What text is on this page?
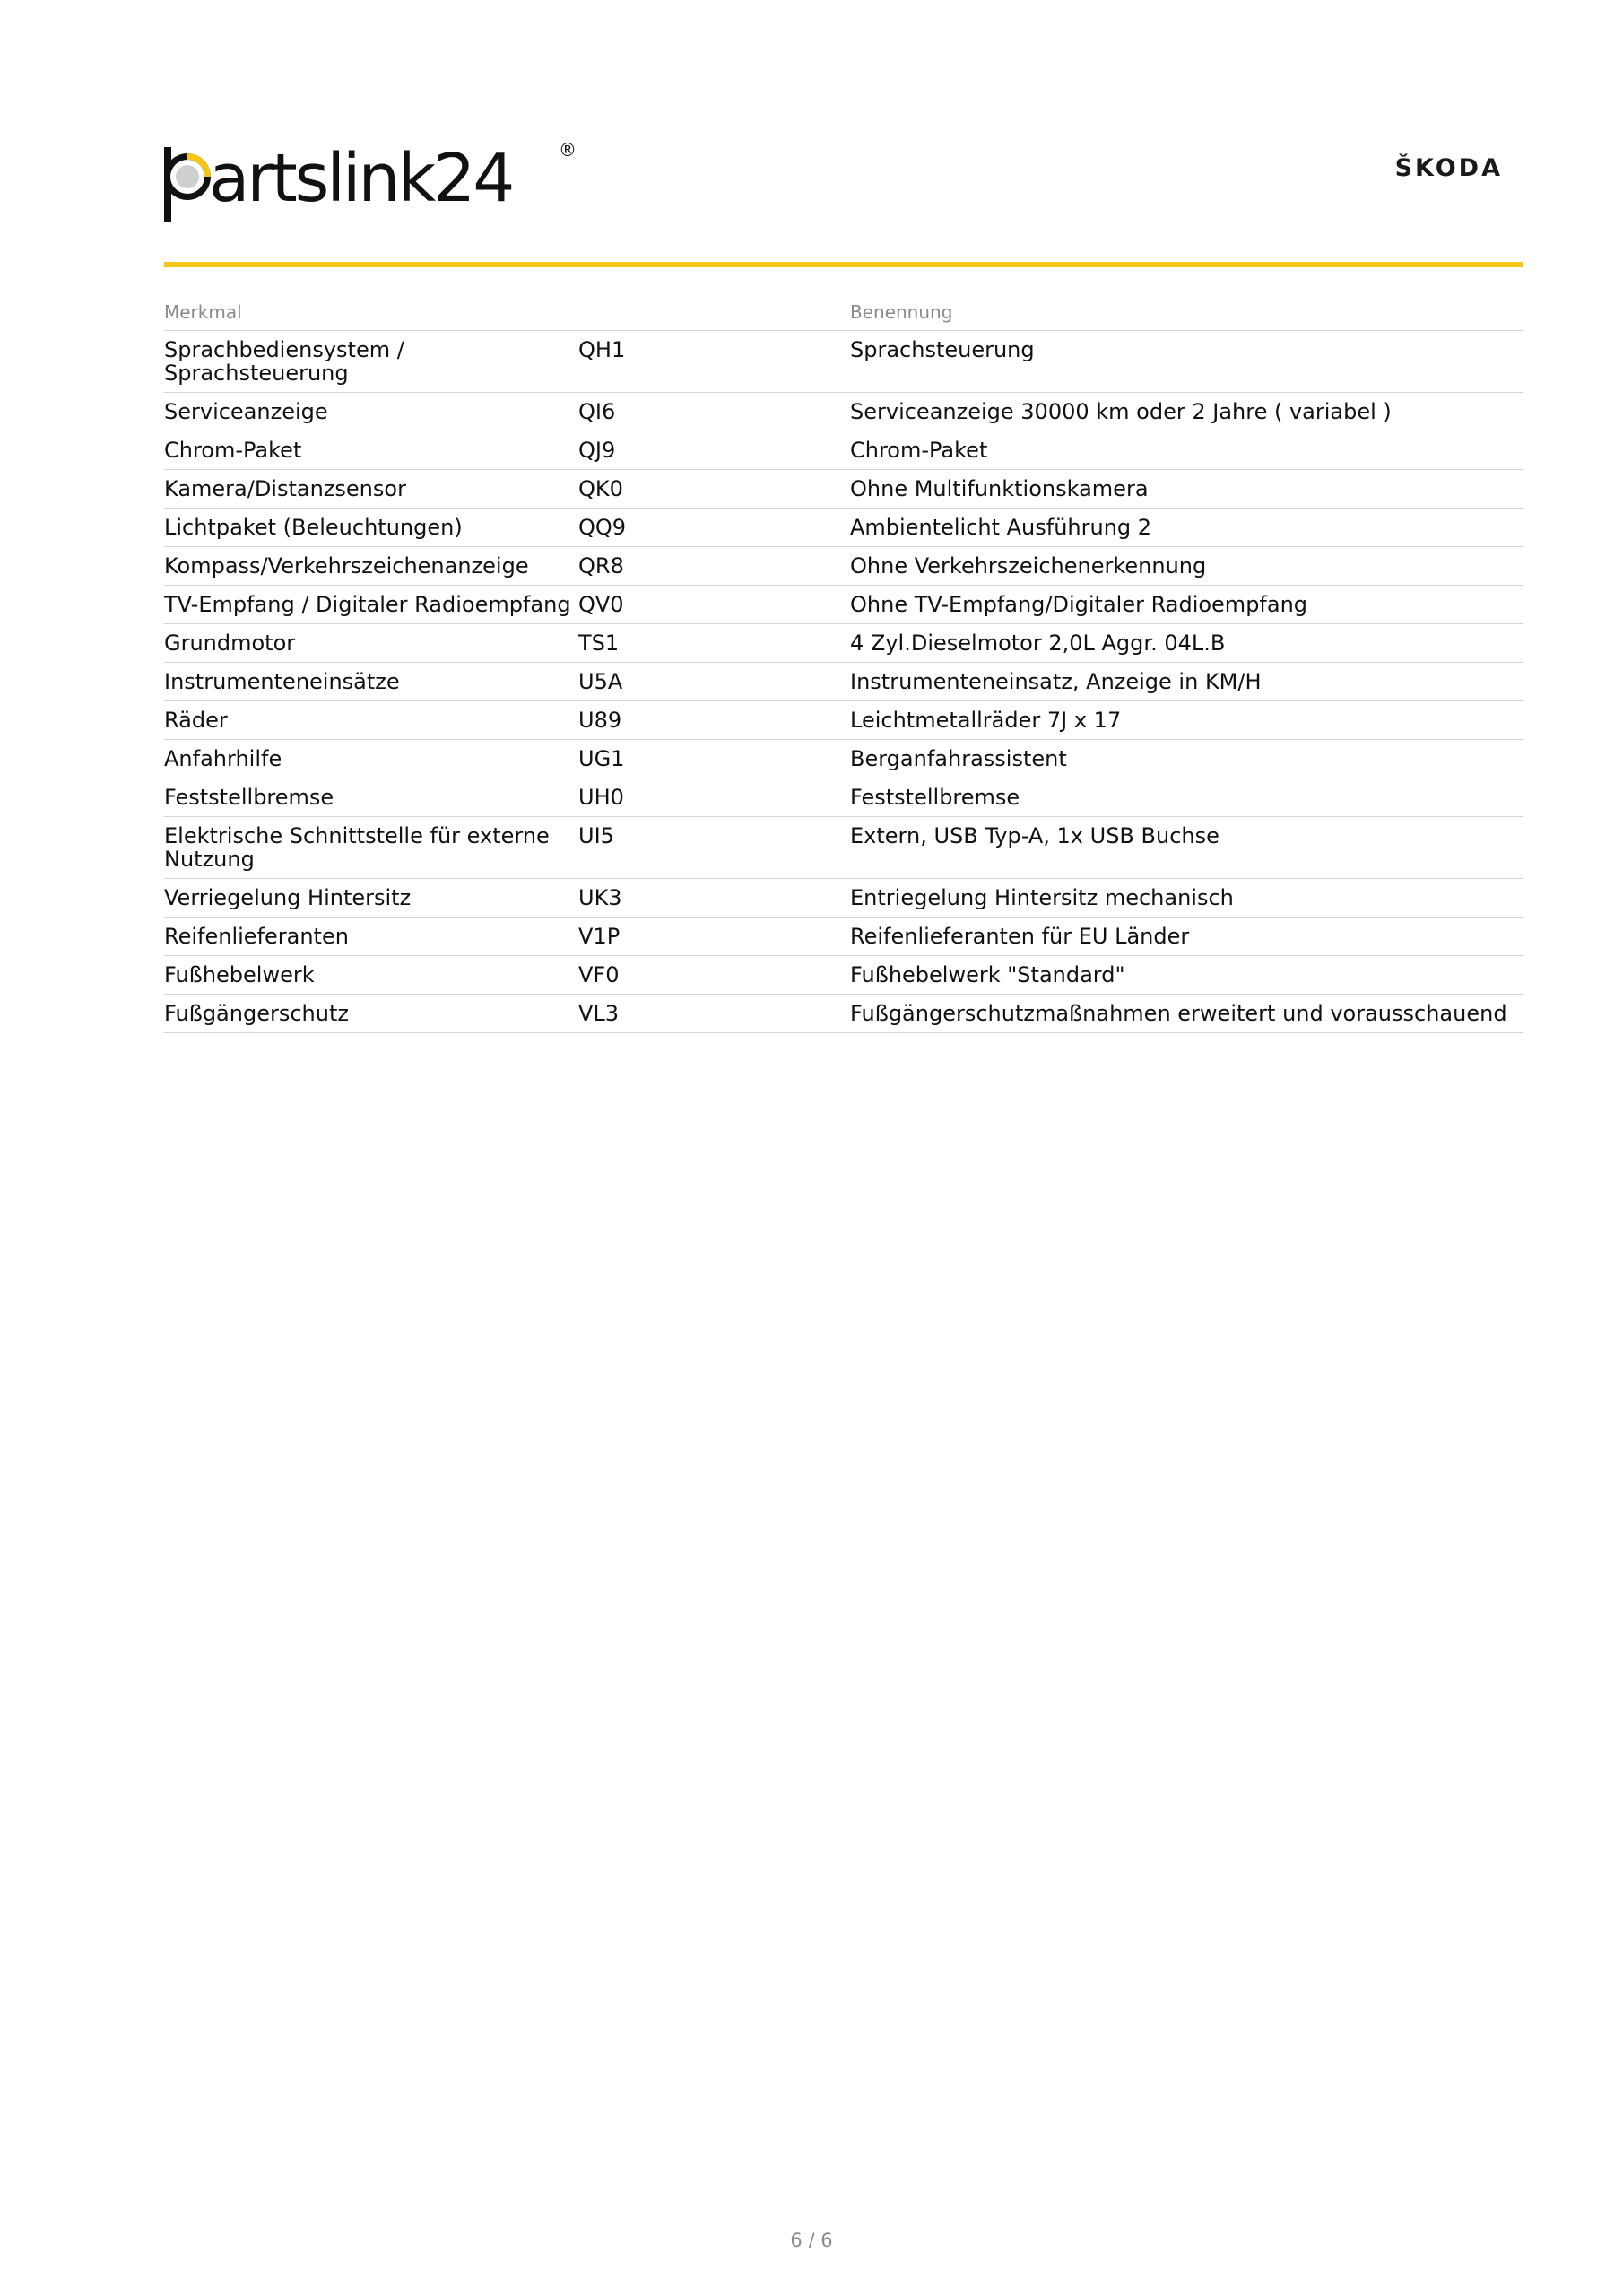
artslink24	®
ŠKODA
Merkmal		Benennung
Sprachbediensystem / Sprachsteuerung	QH1	Sprachsteuerung
Serviceanzeige	QI6	Serviceanzeige 30000 km oder 2 Jahre ( variabel )
Chrom-Paket	QJ9	Chrom-Paket
Kamera/Distanzsensor	QK0	Ohne Multifunktionskamera
Lichtpaket (Beleuchtungen)	QQ9	Ambientelicht Ausführung 2
Kompass/Verkehrszeichenanzeige	QR8	Ohne Verkehrszeichenerkennung
TV-Empfang / Digitaler Radioempfang	QV0	Ohne TV-Empfang/Digitaler Radioempfang
Grundmotor	TS1	4 Zyl.Dieselmotor 2,0L Aggr. 04L.B
Instrumenteneinsätze	U5A	Instrumenteneinsatz, Anzeige in KM/H
Räder	U89	Leichtmetallräder 7J x 17
Anfahrhilfe	UG1	Berganfahrassistent
Feststellbremse	UH0	Feststellbremse
Elektrische Schnittstelle für externe Nutzung	UI5	Extern, USB Typ-A, 1x USB Buchse
Verriegelung Hintersitz	UK3	Entriegelung Hintersitz mechanisch
Reifenlieferanten	V1P	Reifenlieferanten für EU Länder
Fußhebelwerk	VF0	Fußhebelwerk "Standard"
Fußgängerschutz	VL3	Fußgängerschutzmaßnahmen erweitert und vorausschauend
6 / 6
